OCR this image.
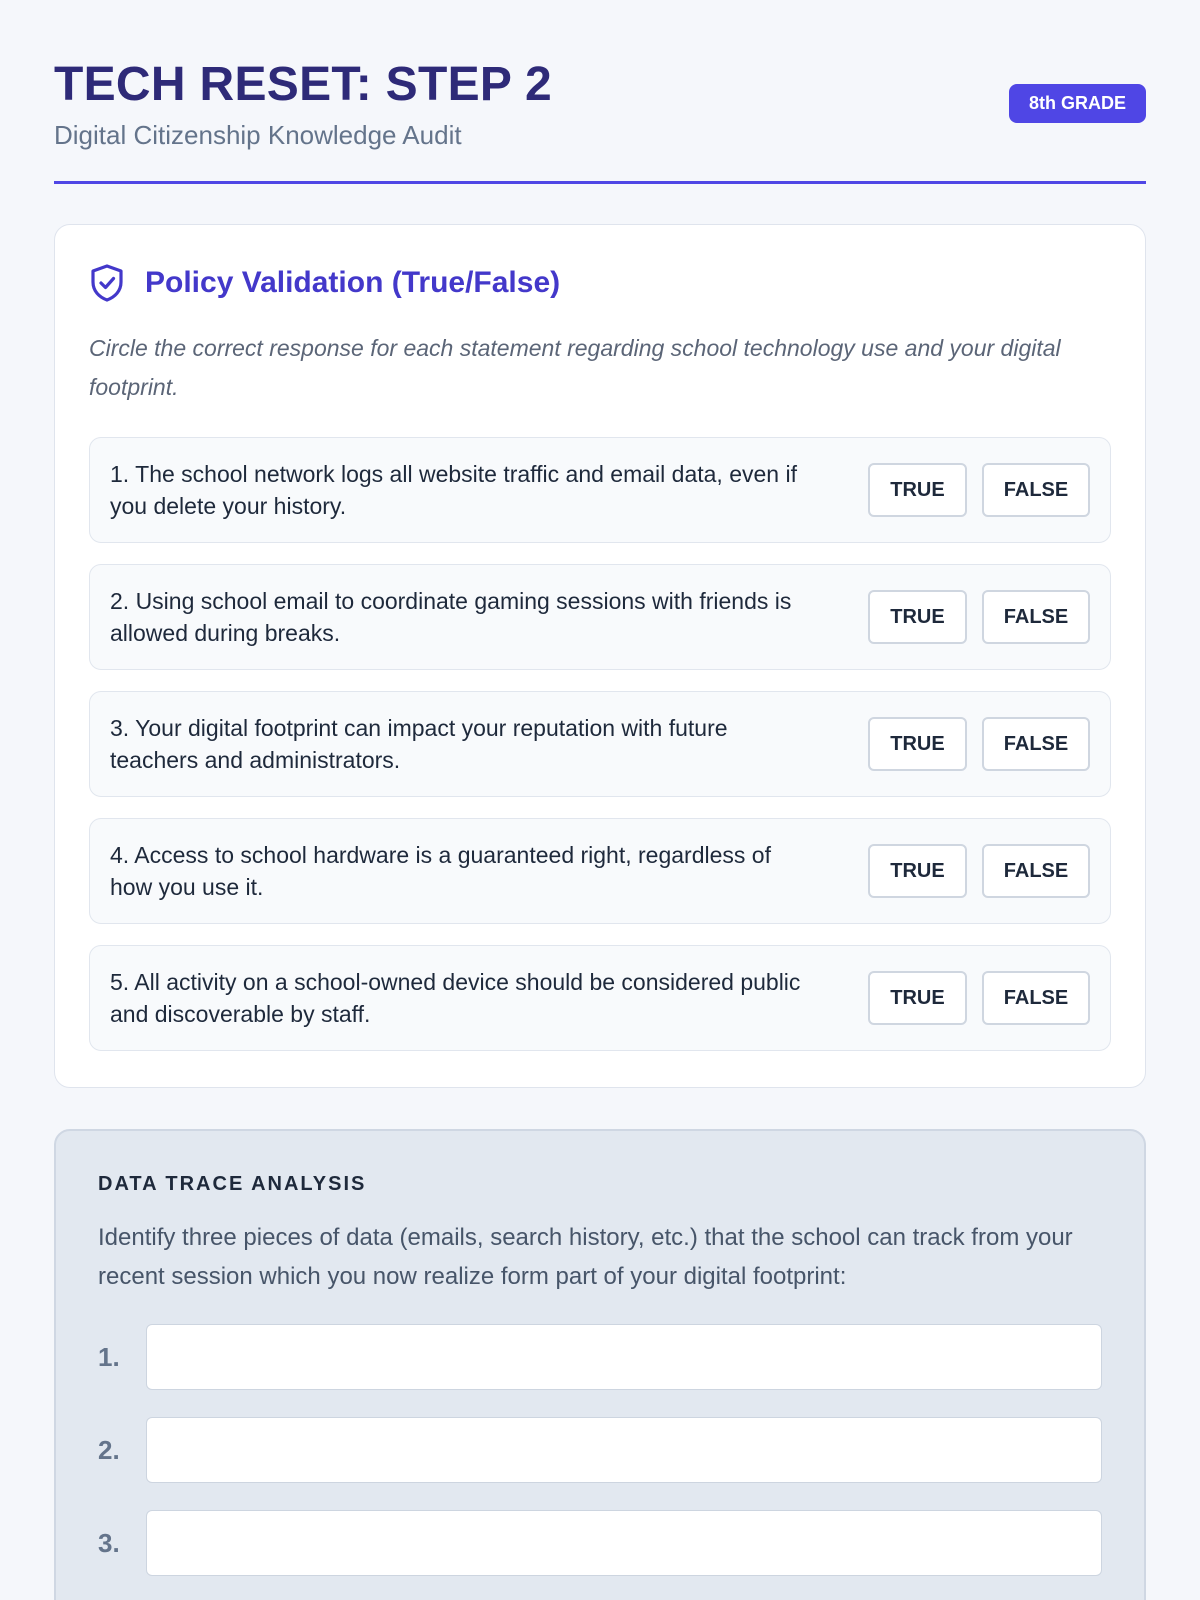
TECH RESET: STEP 2
Digital Citizenship Knowledge Audit
8th GRADE
Policy Validation (True/False)
Circle the correct response for each statement regarding school technology use and your digital footprint.
1. The school network logs all website traffic and email data, even if you delete your history.
TRUE	FALSE
2. Using school email to coordinate gaming sessions with friends is allowed during breaks.
TRUE	FALSE
3. Your digital footprint can impact your reputation with future teachers and administrators.
TRUE	FALSE
4. Access to school hardware is a guaranteed right, regardless of how you use it.
TRUE	FALSE
5. All activity on a school-owned device should be considered public and discoverable by staff.
TRUE	FALSE
DATA TRACE ANALYSIS
Identify three pieces of data (emails, search history, etc.) that the school can track from your recent session which you now realize form part of your digital footprint:
1.
2.
3.
